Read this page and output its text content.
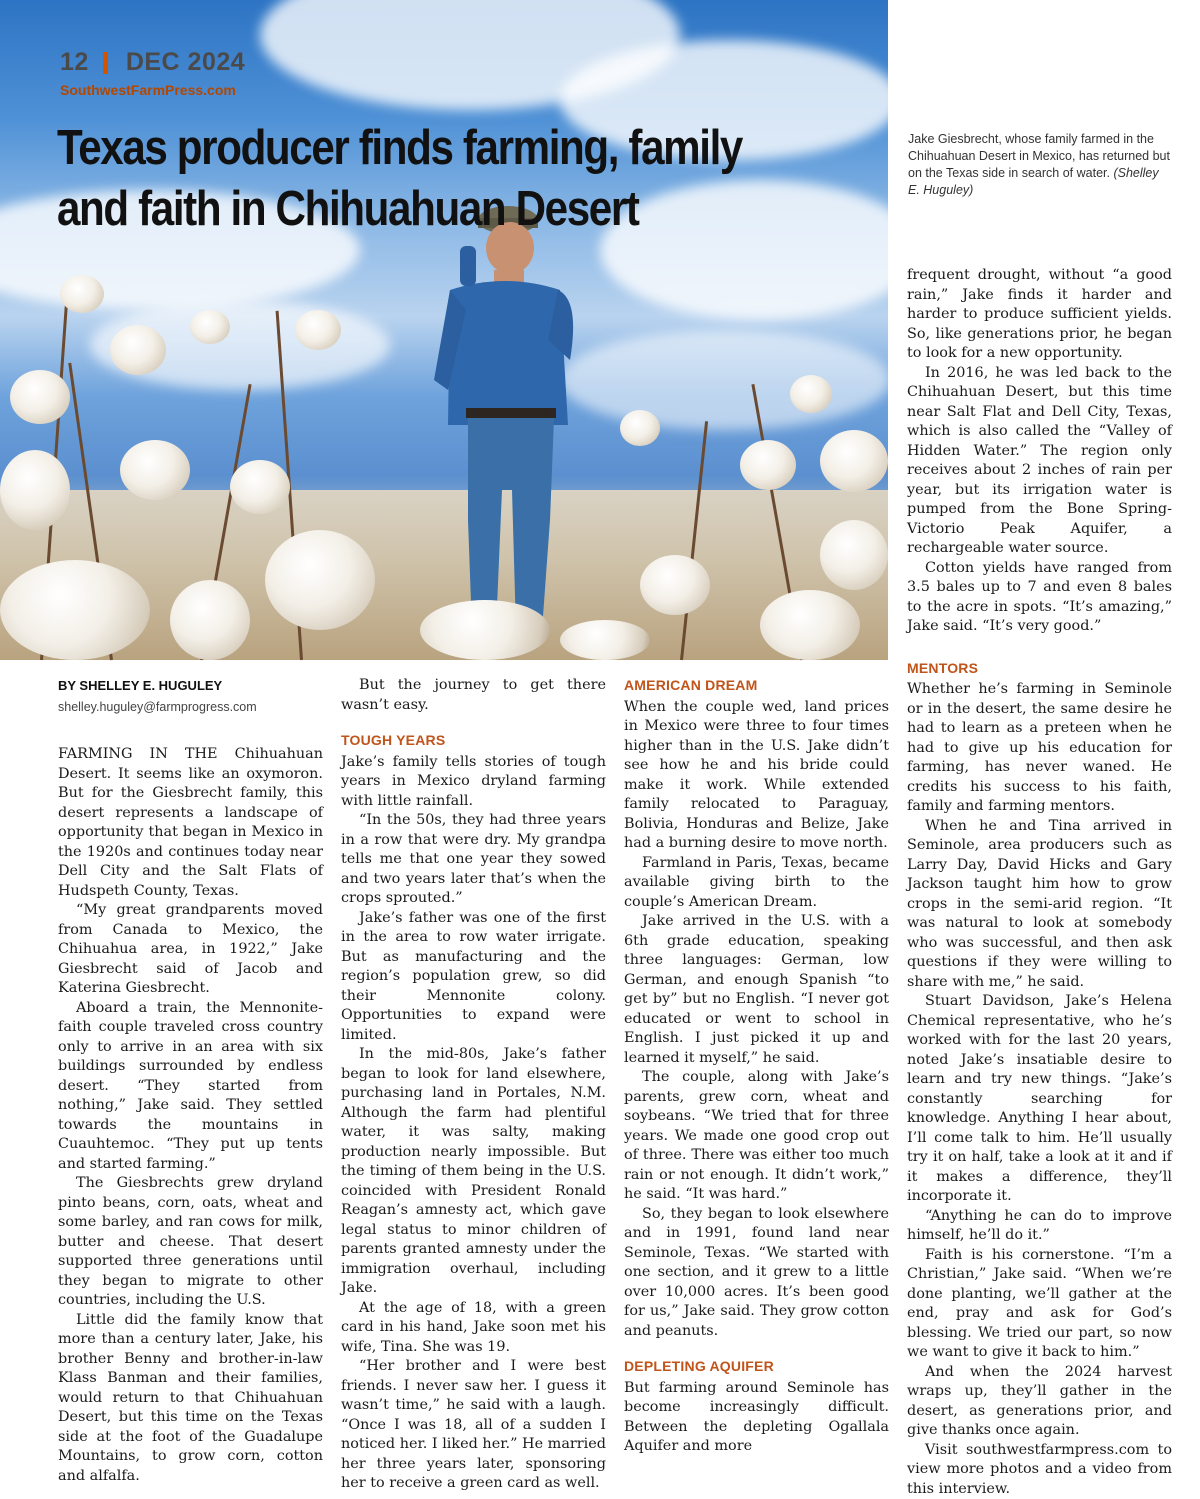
12 DEC 2024
SouthwestFarmPress.com
Texas producer finds farming, family and faith in Chihuahuan Desert
Jake Giesbrecht, whose family farmed in the Chihuahuan Desert in Mexico, has returned but on the Texas side in search of water. (Shelley E. Huguley)
BY SHELLEY E. HUGULEY
shelley.huguley@farmprogress.com

FARMING IN THE Chihuahuan Desert. It seems like an oxymoron. But for the Giesbrecht family, this desert represents a landscape of opportunity that began in Mexico in the 1920s and continues today near Dell City and the Salt Flats of Hudspeth County, Texas.

“My great grandparents moved from Canada to Mexico, the Chihuahua area, in 1922,” Jake Giesbrecht said of Jacob and Katerina Giesbrecht.

Aboard a train, the Mennonite-faith couple traveled cross country only to arrive in an area with six buildings surrounded by endless desert. “They started from nothing,” Jake said. They settled towards the mountains in Cuauhtemoc. “They put up tents and started farming.”

The Giesbrechts grew dryland pinto beans, corn, oats, wheat and some barley, and ran cows for milk, butter and cheese. That desert supported three generations until they began to migrate to other countries, including the U.S.

Little did the family know that more than a century later, Jake, his brother Benny and brother-in-law Klass Banman and their families, would return to that Chihuahuan Desert, but this time on the Texas side at the foot of the Guadalupe Mountains, to grow corn, cotton and alfalfa.

But the journey to get there wasn’t easy.

TOUGH YEARS

Jake’s family tells stories of tough years in Mexico dryland farming with little rainfall.

“In the 50s, they had three years in a row that were dry. My grandpa tells me that one year they sowed and two years later that’s when the crops sprouted.”

Jake’s father was one of the first in the area to row water irrigate. But as manufacturing and the region’s population grew, so did their Mennonite colony. Opportunities to expand were limited.

In the mid-80s, Jake’s father began to look for land elsewhere, purchasing land in Portales, N.M. Although the farm had plentiful water, it was salty, making production nearly impossible. But the timing of them being in the U.S. coincided with President Ronald Reagan’s amnesty act, which gave legal status to minor children of parents granted amnesty under the immigration overhaul, including Jake.

At the age of 18, with a green card in his hand, Jake soon met his wife, Tina. She was 19.

“Her brother and I were best friends. I never saw her. I guess it wasn’t time,” he said with a laugh. “Once I was 18, all of a sudden I noticed her. I liked her.” He married her three years later, sponsoring her to receive a green card as well.

AMERICAN DREAM

When the couple wed, land prices in Mexico were three to four times higher than in the U.S. Jake didn’t see how he and his bride could make it work. While extended family relocated to Paraguay, Bolivia, Honduras and Belize, Jake had a burning desire to move north.

Farmland in Paris, Texas, became available giving birth to the couple’s American Dream.

Jake arrived in the U.S. with a 6th grade education, speaking three languages: German, low German, and enough Spanish “to get by” but no English. “I never got educated or went to school in English. I just picked it up and learned it myself,” he said.

The couple, along with Jake’s parents, grew corn, wheat and soybeans. “We tried that for three years. We made one good crop out of three. There was either too much rain or not enough. It didn’t work,” he said. “It was hard.”

So, they began to look elsewhere and in 1991, found land near Seminole, Texas. “We started with one section, and it grew to a little over 10,000 acres. It’s been good for us,” Jake said. They grow cotton and peanuts.

DEPLETING AQUIFER

But farming around Seminole has become increasingly difficult. Between the depleting Ogallala Aquifer and more

frequent drought, without “a good rain,” Jake finds it harder and harder to produce sufficient yields. So, like generations prior, he began to look for a new opportunity.

In 2016, he was led back to the Chihuahuan Desert, but this time near Salt Flat and Dell City, Texas, which is also called the “Valley of Hidden Water.” The region only receives about 2 inches of rain per year, but its irrigation water is pumped from the Bone Spring-Victorio Peak Aquifer, a rechargeable water source.

Cotton yields have ranged from 3.5 bales up to 7 and even 8 bales to the acre in spots. “It’s amazing,” Jake said. “It’s very good.”

MENTORS

Whether he’s farming in Seminole or in the desert, the same desire he had to learn as a preteen when he had to give up his education for farming, has never waned. He credits his success to his faith, family and farming mentors.

When he and Tina arrived in Seminole, area producers such as Larry Day, David Hicks and Gary Jackson taught him how to grow crops in the semi-arid region. “It was natural to look at somebody who was successful, and then ask questions if they were willing to share with me,” he said.

Stuart Davidson, Jake’s Helena Chemical representative, who he’s worked with for the last 20 years, noted Jake’s insatiable desire to learn and try new things. “Jake’s constantly searching for knowledge. Anything I hear about, I’ll come talk to him. He’ll usually try it on half, take a look at it and if it makes a difference, they’ll incorporate it.

“Anything he can do to improve himself, he’ll do it.”

Faith is his cornerstone. “I’m a Christian,” Jake said. “When we’re done planting, we’ll gather at the end, pray and ask for God’s blessing. We tried our part, so now we want to give it back to him.”

And when the 2024 harvest wraps up, they’ll gather in the desert, as generations prior, and give thanks once again.

Visit southwestfarmpress.com to view more photos and a video from this interview.
